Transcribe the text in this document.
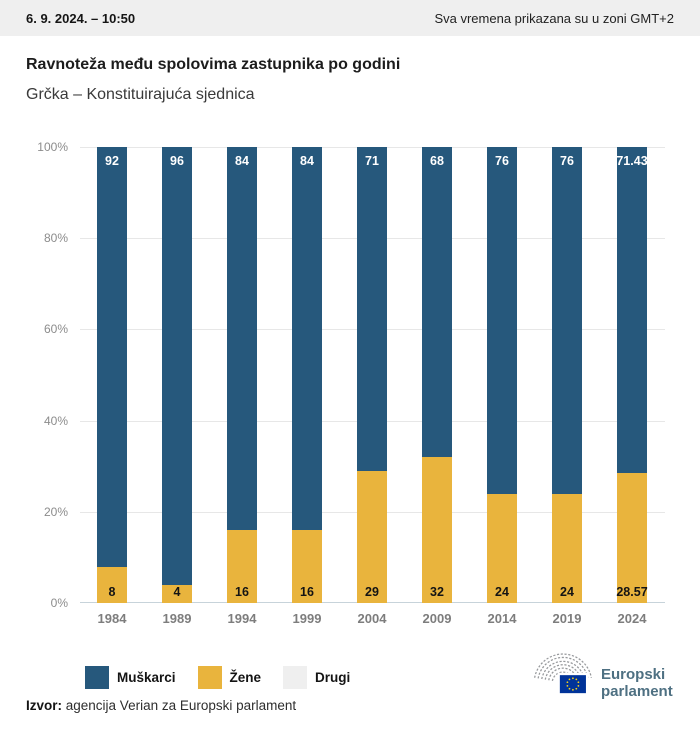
6. 9. 2024. – 10:50	Sva vremena prikazana su u zoni GMT+2
Ravnoteža među spolovima zastupnika po godini
Grčka – Konstituirajuća sjednica
100%
80%
60%
40%
20%
0%
92
8
1984
96
4
1989
84
16
1994
84
16
1999
71
29
2004
68
32
2009
76
24
2014
76
24
2019
71.43
28.57
2024
Muškarci	Žene	Drugi
Izvor: agencija Verian za Europski parlament
Europski
parlament
